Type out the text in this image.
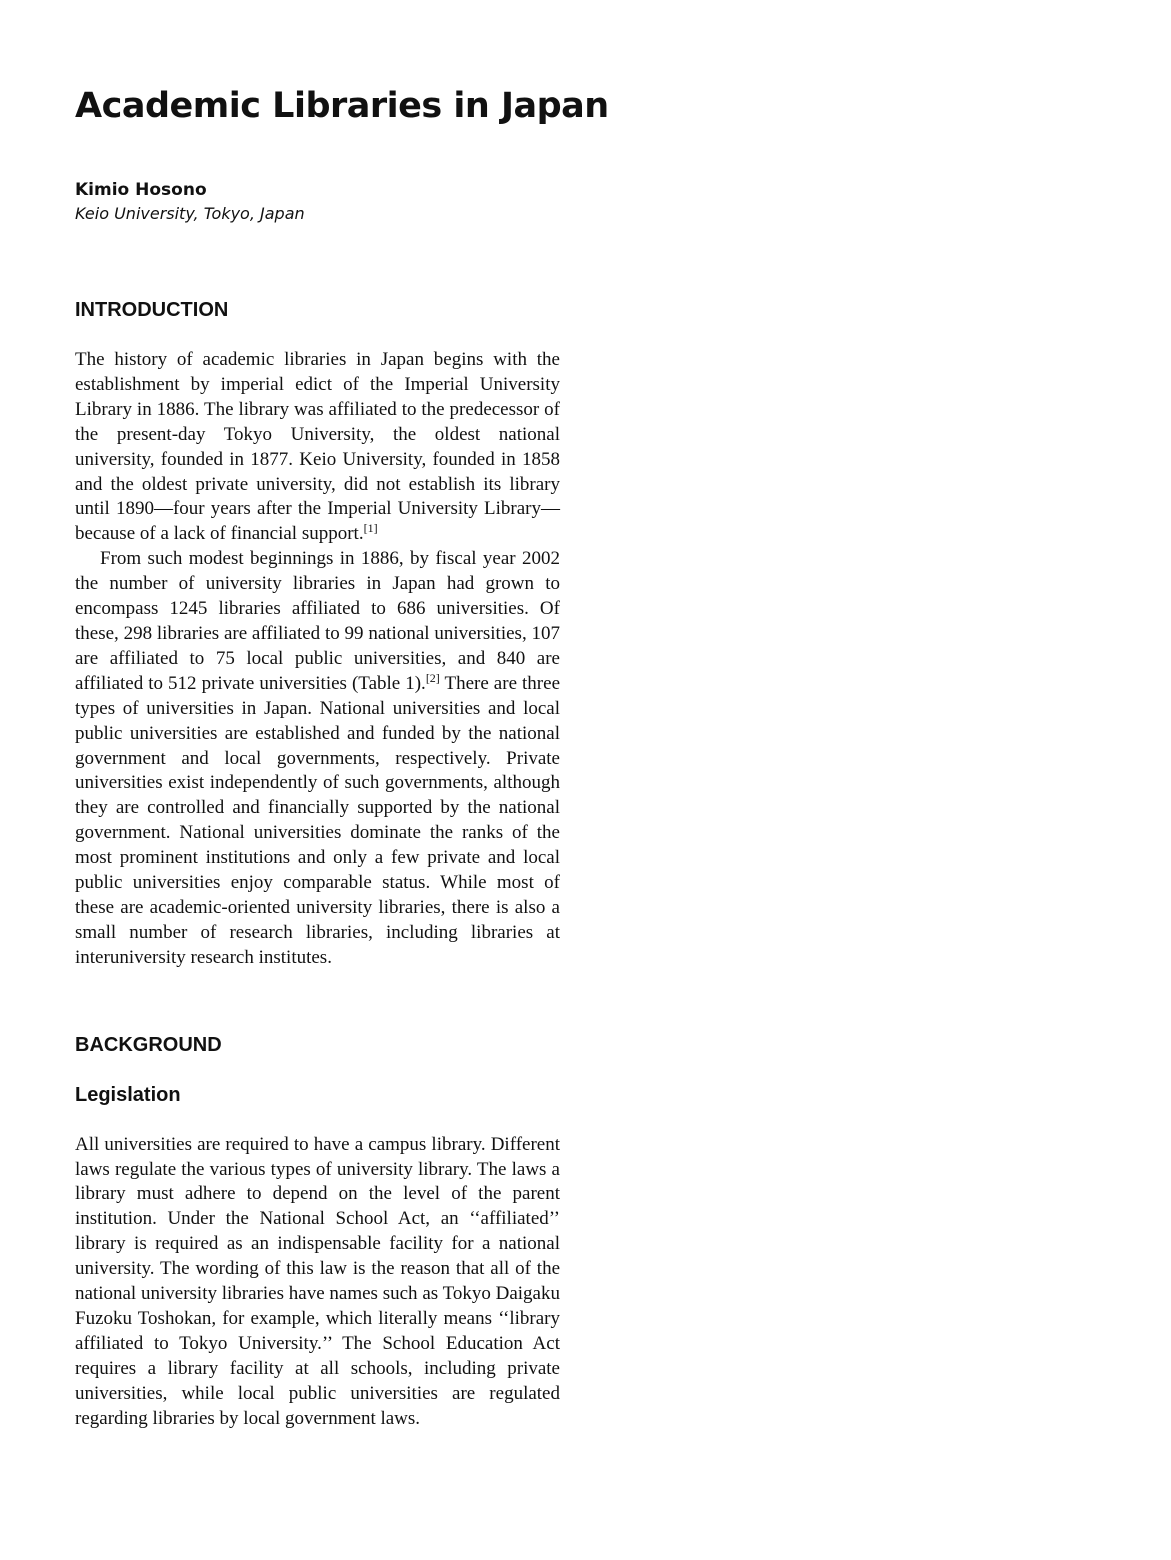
Academic Libraries in Japan
Kimio Hosono
Keio University, Tokyo, Japan
INTRODUCTION

The history of academic libraries in Japan begins with the establishment by imperial edict of the Imperial University Library in 1886. The library was affiliated to the predecessor of the present-day Tokyo University, the oldest national university, founded in 1877. Keio University, founded in 1858 and the oldest private university, did not establish its library until 1890—four years after the Imperial University Library—because of a lack of financial support.[1]

From such modest beginnings in 1886, by fiscal year 2002 the number of university libraries in Japan had grown to encompass 1245 libraries affiliated to 686 universities. Of these, 298 libraries are affiliated to 99 national universities, 107 are affiliated to 75 local public universities, and 840 are affiliated to 512 private universities (Table 1).[2] There are three types of universities in Japan. National universities and local public universities are established and funded by the national government and local governments, respectively. Private universities exist independently of such governments, although they are controlled and financially supported by the national government. National universities dominate the ranks of the most prominent institutions and only a few private and local public universities enjoy comparable status. While most of these are academic-oriented university libraries, there is also a small number of research libraries, including libraries at interuniversity research institutes.

BACKGROUND
Legislation

All universities are required to have a campus library. Different laws regulate the various types of university library. The laws a library must adhere to depend on the level of the parent institution. Under the National School Act, an ‘‘affiliated’’ library is required as an indispensable facility for a national university. The wording of this law is the reason that all of the national university libraries have names such as Tokyo Daigaku Fuzoku Toshokan, for example, which literally means ‘‘library affiliated to Tokyo University.’’ The School Education Act requires a library facility at all schools, including private universities, while local public universities are regulated regarding libraries by local government laws.
